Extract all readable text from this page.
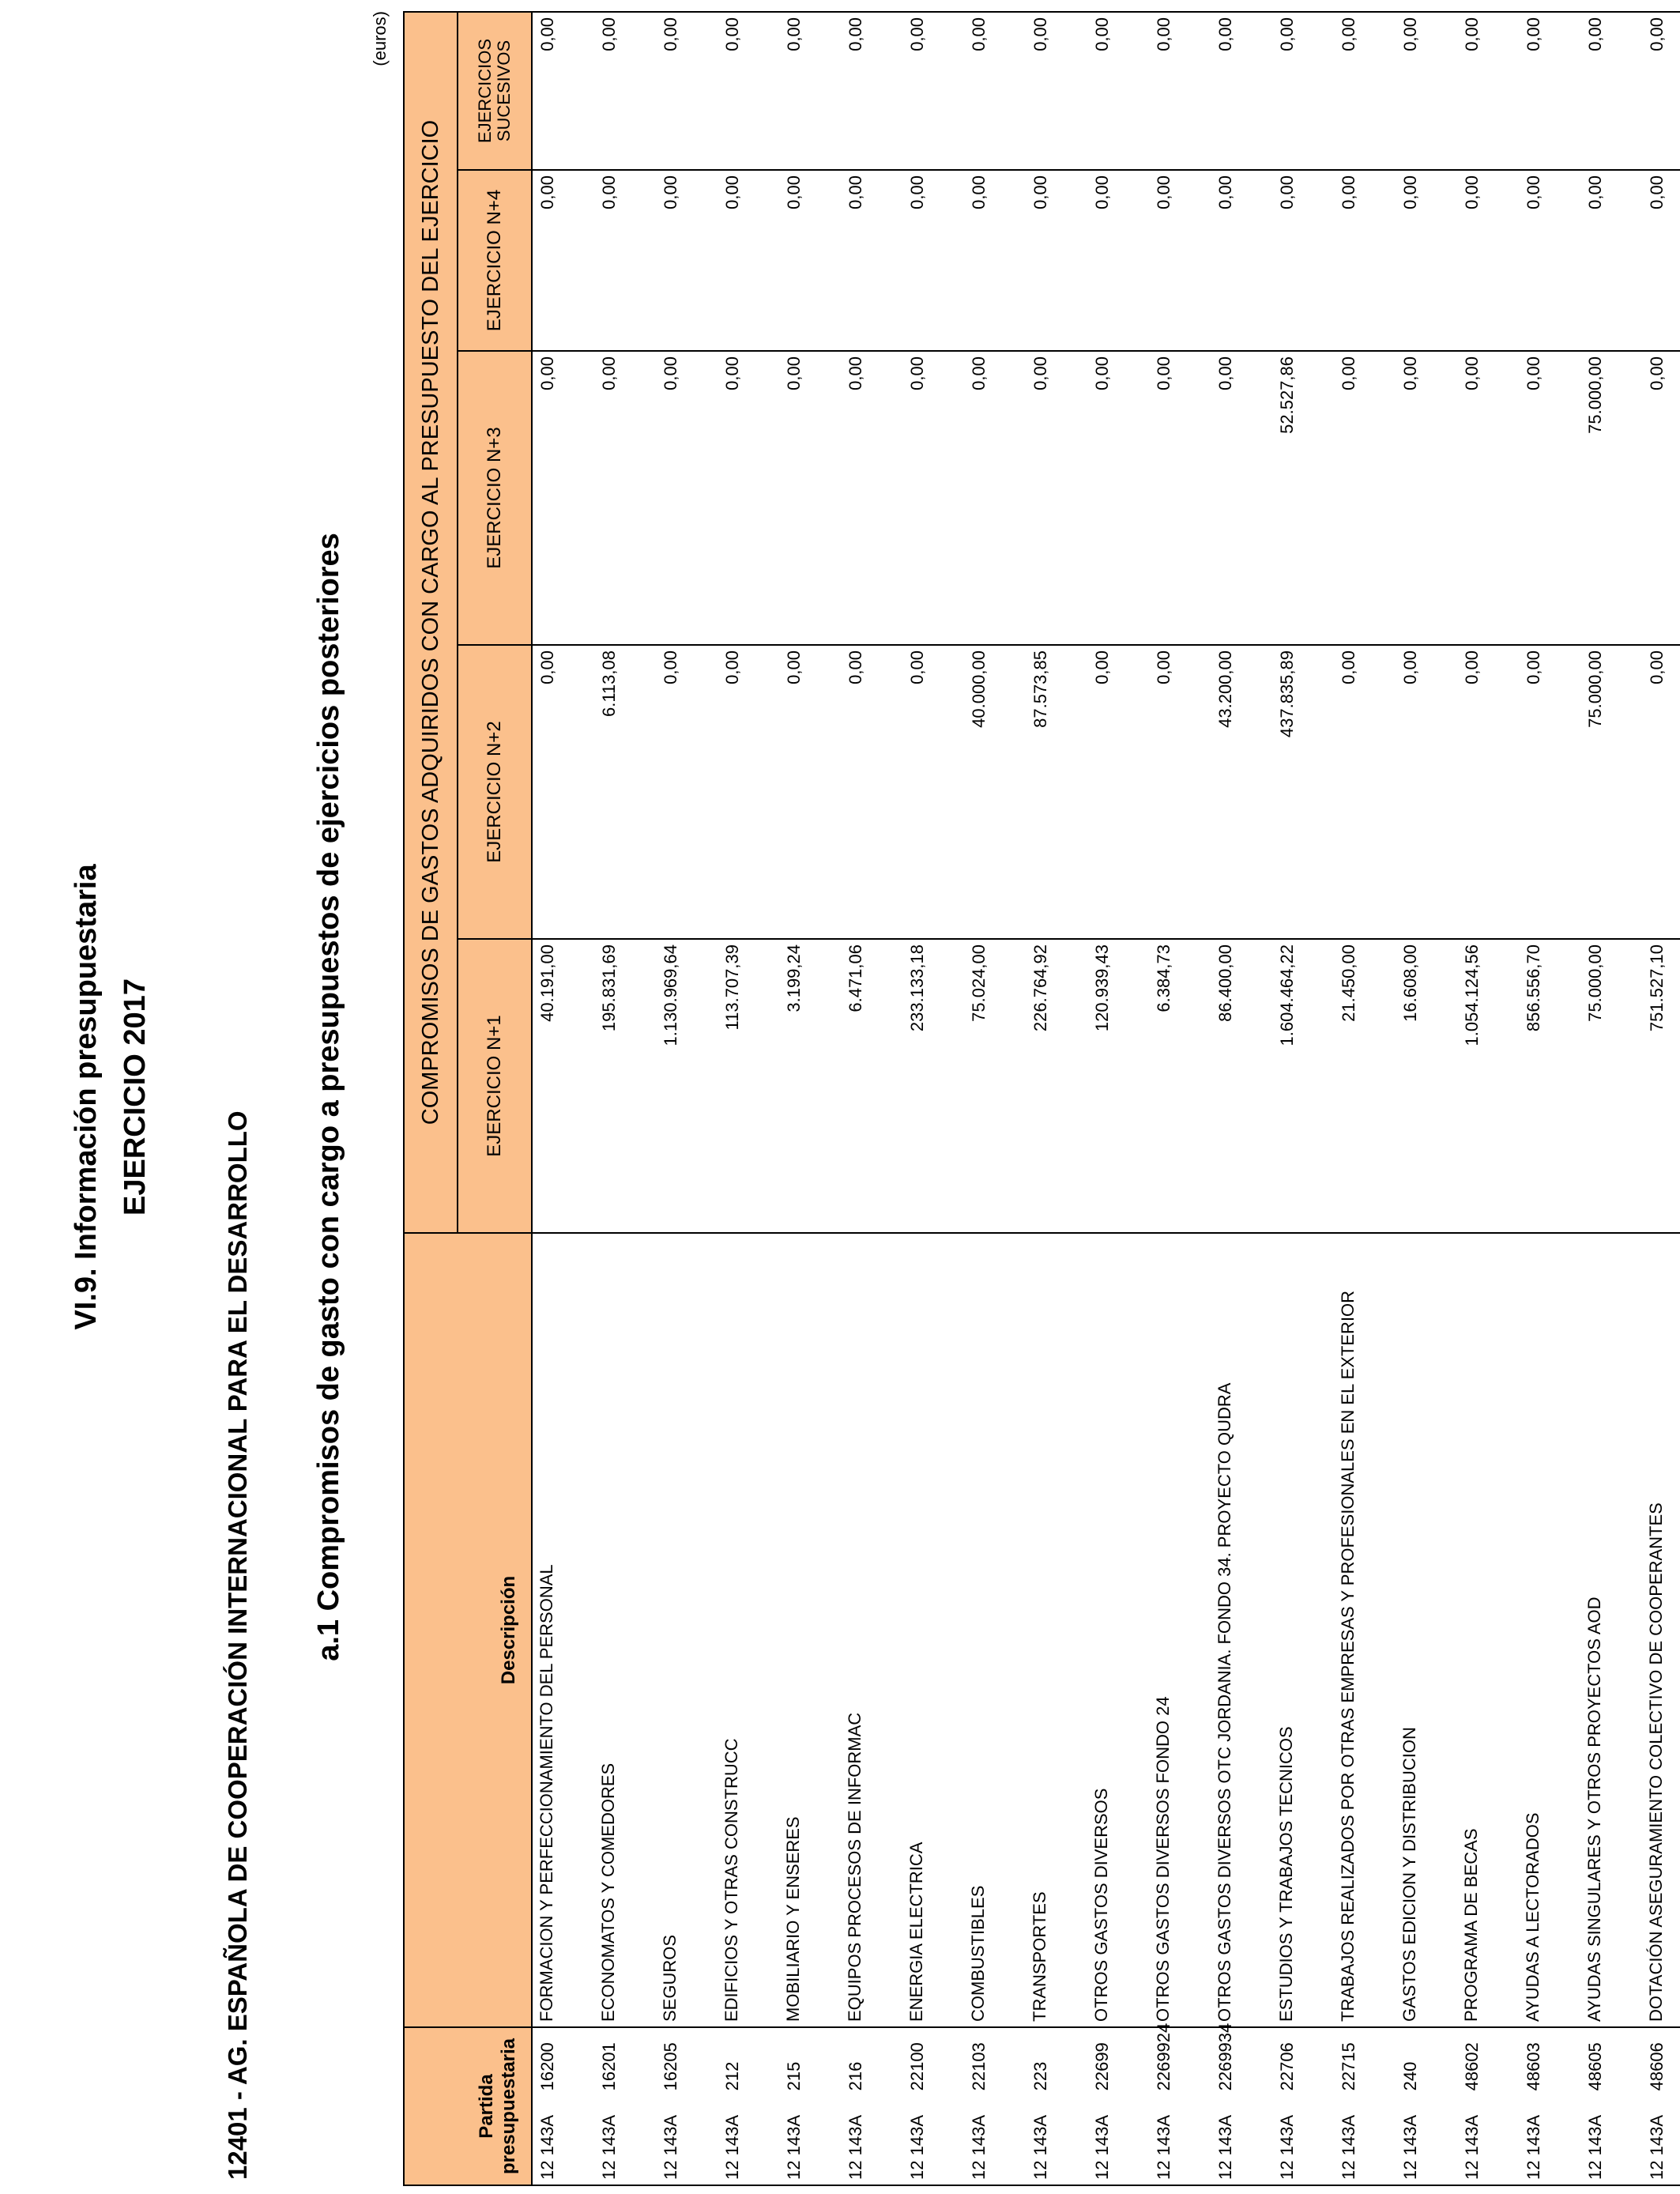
VI.9. Información presupuestaria EJERCICIO 2017
12401 - AG. ESPAÑOLA DE COOPERACIÓN INTERNACIONAL PARA EL DESARROLLO a.1 Compromisos de gasto con cargo a presupuestos de ejercicios posteriores
(euros)
Partida presupuestaria	Descripción	COMPROMISOS DE GASTOS ADQUIRIDOS CON CARGO AL PRESUPUESTO DEL EJERCICIO				
		EJERCICIO N+1	EJERCICIO N+2	EJERCICIO N+3	EJERCICIO N+4	EJERCICIOS SUCESIVOS

12 143A16200	FORMACION Y PERFECCIONAMIENTO DEL PERSONAL	40.191,00	0,00	0,00	0,00	0,00
12 143A16201	ECONOMATOS Y COMEDORES	195.831,69	6.113,08	0,00	0,00	0,00
12 143A16205	SEGUROS	1.130.969,64	0,00	0,00	0,00	0,00
12 143A212	EDIFICIOS Y OTRAS CONSTRUCC	113.707,39	0,00	0,00	0,00	0,00
12 143A215	MOBILIARIO Y ENSERES	3.199,24	0,00	0,00	0,00	0,00
12 143A216	EQUIPOS PROCESOS DE INFORMAC	6.471,06	0,00	0,00	0,00	0,00
12 143A22100	ENERGIA ELECTRICA	233.133,18	0,00	0,00	0,00	0,00
12 143A22103	COMBUSTIBLES	75.024,00	40.000,00	0,00	0,00	0,00
12 143A223	TRANSPORTES	226.764,92	87.573,85	0,00	0,00	0,00
12 143A22699	OTROS GASTOS DIVERSOS	120.939,43	0,00	0,00	0,00	0,00
12 143A2269924	OTROS GASTOS DIVERSOS FONDO 24	6.384,73	0,00	0,00	0,00	0,00
12 143A2269934	OTROS GASTOS DIVERSOS OTC JORDANIA. FONDO 34. PROYECTO QUDRA	86.400,00	43.200,00	0,00	0,00	0,00
12 143A22706	ESTUDIOS Y TRABAJOS TECNICOS	1.604.464,22	437.835,89	52.527,86	0,00	0,00
12 143A22715	TRABAJOS REALIZADOS POR OTRAS EMPRESAS Y PROFESIONALES EN EL EXTERIOR	21.450,00	0,00	0,00	0,00	0,00
12 143A240	GASTOS EDICION Y DISTRIBUCION	16.608,00	0,00	0,00	0,00	0,00
12 143A48602	PROGRAMA DE BECAS	1.054.124,56	0,00	0,00	0,00	0,00
12 143A48603	AYUDAS A LECTORADOS	856.556,70	0,00	0,00	0,00	0,00
12 143A48605	AYUDAS SINGULARES Y OTROS PROYECTOS AOD	75.000,00	75.000,00	75.000,00	0,00	0,00
12 143A48606	DOTACIÓN ASEGURAMIENTO COLECTIVO DE COOPERANTES	751.527,10	0,00	0,00	0,00	0,00
